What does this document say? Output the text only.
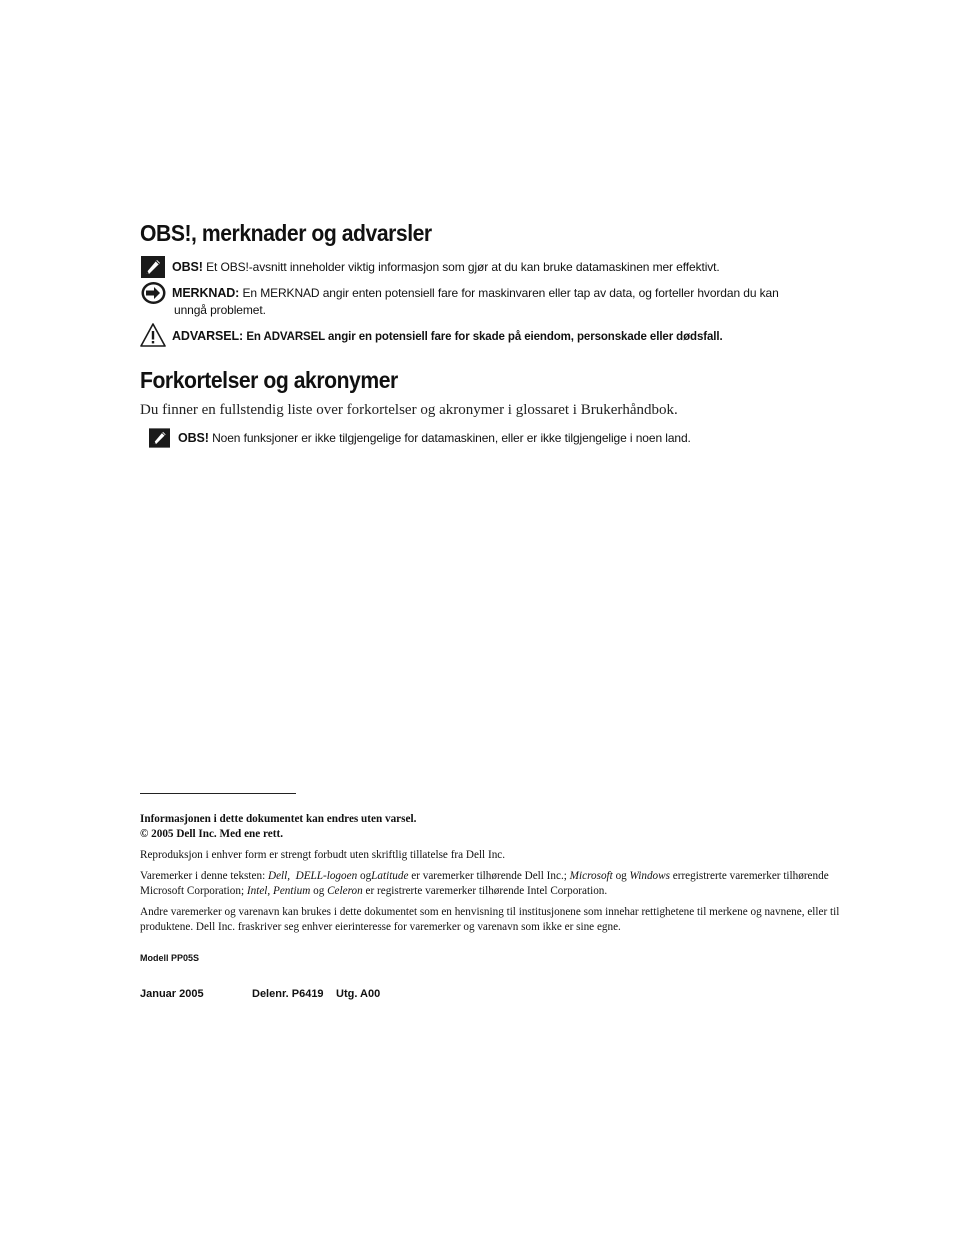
OBS!, merknader og advarsler
OBS! Et OBS!-avsnitt inneholder viktig informasjon som gjør at du kan bruke datamaskinen mer effektivt.
MERKNAD: En MERKNAD angir enten potensiell fare for maskinvaren eller tap av data, og forteller hvordan du kan
unngå problemet.
ADVARSEL: En ADVARSEL angir en potensiell fare for skade på eiendom, personskade eller dødsfall.
Forkortelser og akronymer
Du finner en fullstendig liste over forkortelser og akronymer i glossaret i Brukerhåndbok.
OBS! Noen funksjoner er ikke tilgjengelige for datamaskinen, eller er ikke tilgjengelige i noen land.
Informasjonen i dette dokumentet kan endres uten varsel.
© 2005 Dell Inc. Med ene rett.
Reproduksjon i enhver form er strengt forbudt uten skriftlig tillatelse fra Dell Inc.
Varemerker i denne teksten: Dell, DELL-logoen ogLatitude er varemerker tilhørende Dell Inc.; Microsoft og Windows erregistrerte varemerker tilhørende Microsoft Corporation; Intel, Pentium og Celeron er registrerte varemerker tilhørende Intel Corporation.
Andre varemerker og varenavn kan brukes i dette dokumentet som en henvisning til institusjonene som innehar rettighetene til merkene og navnene, eller til produktene. Dell Inc. fraskriver seg enhver eierinteresse for varemerker og varenavn som ikke er sine egne.
Modell PP05S
Januar 2005	Delenr. P6419 Utg. A00
